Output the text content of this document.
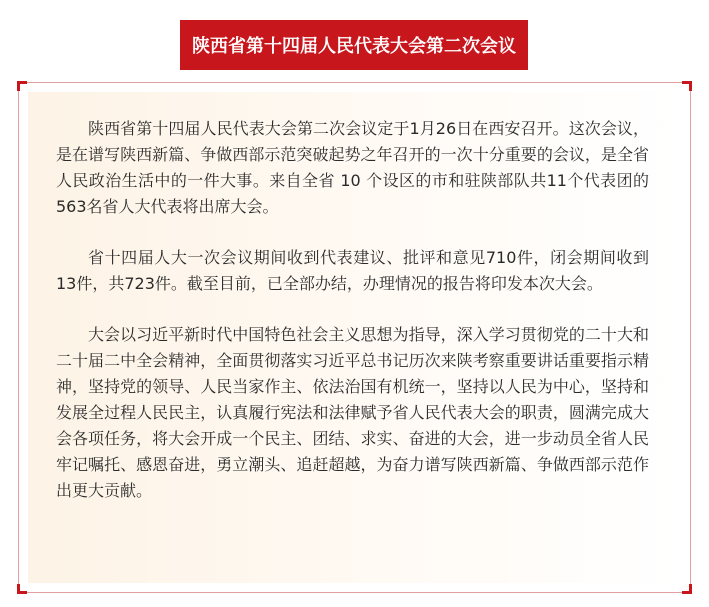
陕西省第十四届人民代表大会第二次会议

陕西省第十四届人民代表大会第二次会议定于1月26日在西安召开。这次会议，是在谱写陕西新篇、争做西部示范突破起势之年召开的一次十分重要的会议，是全省人民政治生活中的一件大事。来自全省 10 个设区的市和驻陕部队共11个代表团的563名省人大代表将出席大会。

省十四届人大一次会议期间收到代表建议、批评和意见710件，闭会期间收到13件，共723件。截至目前，已全部办结，办理情况的报告将印发本次大会。

大会以习近平新时代中国特色社会主义思想为指导，深入学习贯彻党的二十大和二十届二中全会精神，全面贯彻落实习近平总书记历次来陕考察重要讲话重要指示精神，坚持党的领导、人民当家作主、依法治国有机统一，坚持以人民为中心，坚持和发展全过程人民民主，认真履行宪法和法律赋予省人民代表大会的职责，圆满完成大会各项任务，将大会开成一个民主、团结、求实、奋进的大会，进一步动员全省人民牢记嘱托、感恩奋进，勇立潮头、追赶超越，为奋力谱写陕西新篇、争做西部示范作出更大贡献。
